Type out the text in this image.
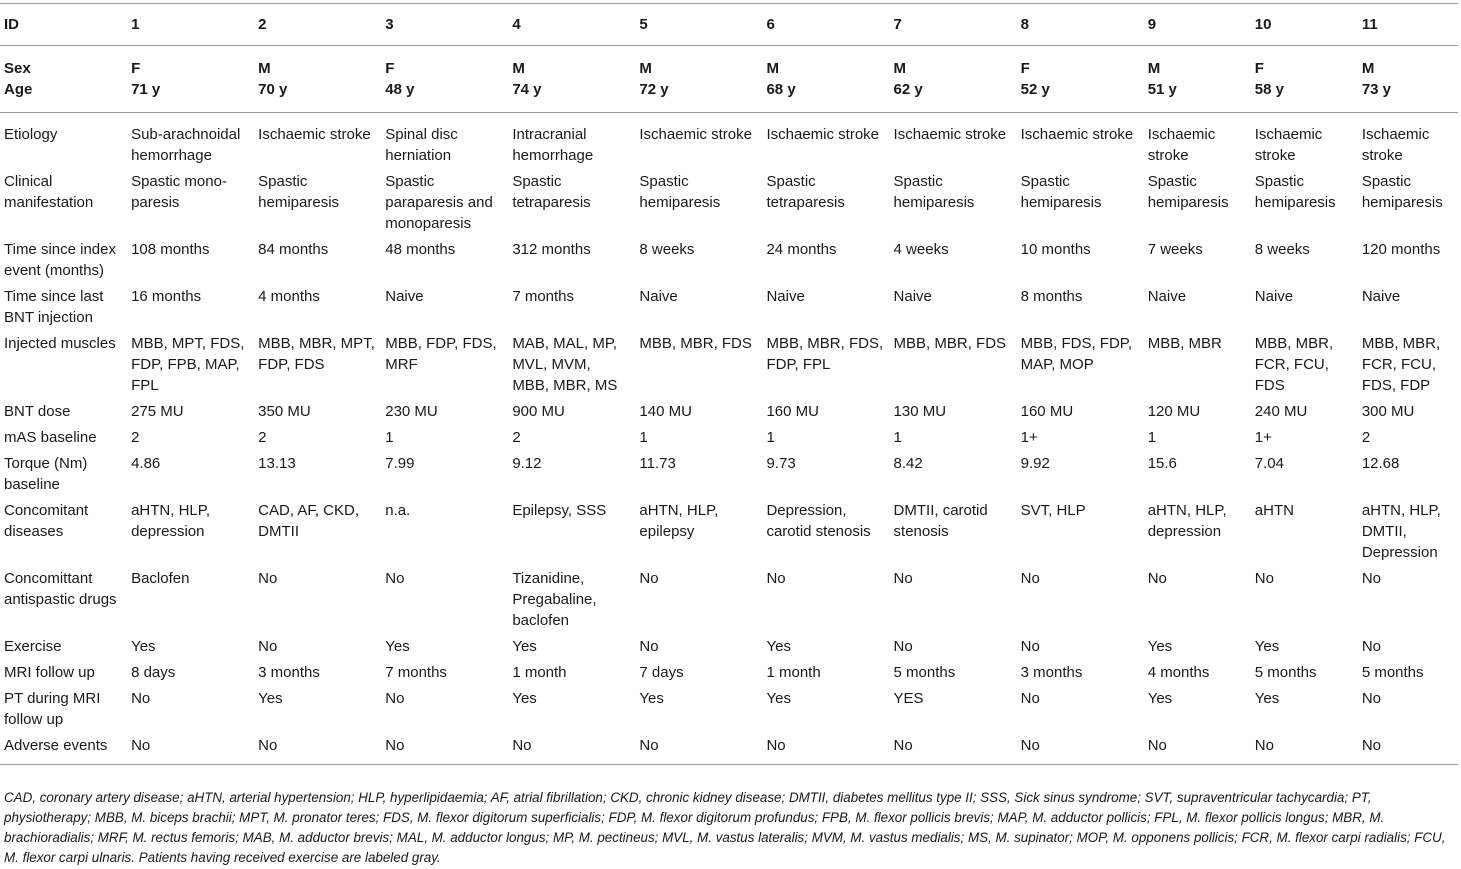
ID	1	2	3	4	5	6	7	8	9	10	11
Sex	F	M	F	M	M	M	M	F	M	F	M
Age	71 y	70 y	48 y	74 y	72 y	68 y	62 y	52 y	51 y	58 y	73 y
Etiology	Sub-arachnoidal hemorrhage	Ischaemic stroke	Spinal disc herniation	Intracranial hemorrhage	Ischaemic stroke	Ischaemic stroke	Ischaemic stroke	Ischaemic stroke	Ischaemic stroke	Ischaemic stroke	Ischaemic stroke
Clinical manifestation	Spastic mono-paresis	Spastic hemiparesis	Spastic paraparesis and monoparesis	Spastic tetraparesis	Spastic hemiparesis	Spastic tetraparesis	Spastic hemiparesis	Spastic hemiparesis	Spastic hemiparesis	Spastic hemiparesis	Spastic hemiparesis
Time since index event (months)	108 months	84 months	48 months	312 months	8 weeks	24 months	4 weeks	10 months	7 weeks	8 weeks	120 months
Time since last BNT injection	16 months	4 months	Naive	7 months	Naive	Naive	Naive	8 months	Naive	Naive	Naive
Injected muscles	MBB, MPT, FDS, FDP, FPB, MAP, FPL	MBB, MBR, MPT, FDP, FDS	MBB, FDP, FDS, MRF	MAB, MAL, MP, MVL, MVM, MBB, MBR, MS	MBB, MBR, FDS	MBB, MBR, FDS, FDP, FPL	MBB, MBR, FDS	MBB, FDS, FDP, MAP, MOP	MBB, MBR	MBB, MBR, FCR, FCU, FDS	MBB, MBR, FCR, FCU, FDS, FDP
BNT dose	275 MU	350 MU	230 MU	900 MU	140 MU	160 MU	130 MU	160 MU	120 MU	240 MU	300 MU
mAS baseline	2	2	1	2	1	1	1	1+	1	1+	2
Torque (Nm) baseline	4.86	13.13	7.99	9.12	11.73	9.73	8.42	9.92	15.6	7.04	12.68
Concomitant diseases	aHTN, HLP, depression	CAD, AF, CKD, DMTII	n.a.	Epilepsy, SSS	aHTN, HLP, epilepsy	Depression, carotid stenosis	DMTII, carotid stenosis	SVT, HLP	aHTN, HLP, depression	aHTN	aHTN, HLP, DMTII, Depression
Concomittant antispastic drugs	Baclofen	No	No	Tizanidine, Pregabaline, baclofen	No	No	No	No	No	No	No
Exercise	Yes	No	Yes	Yes	No	Yes	No	No	Yes	Yes	No
MRI follow up	8 days	3 months	7 months	1 month	7 days	1 month	5 months	3 months	4 months	5 months	5 months
PT during MRI follow up	No	Yes	No	Yes	Yes	Yes	YES	No	Yes	Yes	No
Adverse events	No	No	No	No	No	No	No	No	No	No	No
CAD, coronary artery disease; aHTN, arterial hypertension; HLP, hyperlipidaemia; AF, atrial fibrillation; CKD, chronic kidney disease; DMTII, diabetes mellitus type II; SSS, Sick sinus syndrome; SVT, supraventricular tachycardia; PT, physiotherapy; MBB, M. biceps brachii; MPT, M. pronator teres; FDS, M. flexor digitorum superficialis; FDP, M. flexor digitorum profundus; FPB, M. flexor pollicis brevis; MAP, M. adductor pollicis; FPL, M. flexor pollicis longus; MBR, M. brachioradialis; MRF, M. rectus femoris; MAB, M. adductor brevis; MAL, M. adductor longus; MP, M. pectineus; MVL, M. vastus lateralis; MVM, M. vastus medialis; MS, M. supinator; MOP, M. opponens pollicis; FCR, M. flexor carpi radialis; FCU, M. flexor carpi ulnaris. Patients having received exercise are labeled gray.
